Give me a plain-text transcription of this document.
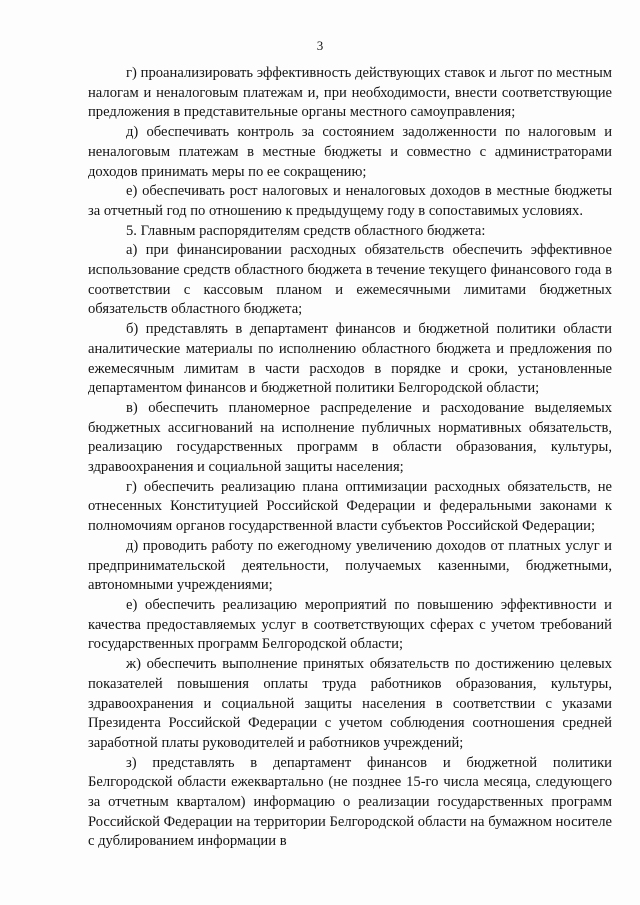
3

г) проанализировать эффективность действующих ставок и льгот по местным налогам и неналоговым платежам и, при необходимости, внести соответствующие предложения в представительные органы местного самоуправления;

д) обеспечивать контроль за состоянием задолженности по налоговым и неналоговым платежам в местные бюджеты и совместно с администраторами доходов принимать меры по ее сокращению;

е) обеспечивать рост налоговых и неналоговых доходов в местные бюджеты за отчетный год по отношению к предыдущему году в сопоставимых условиях.

5. Главным распорядителям средств областного бюджета:

а) при финансировании расходных обязательств обеспечить эффективное использование средств областного бюджета в течение текущего финансового года в соответствии с кассовым планом и ежемесячными лимитами бюджетных обязательств областного бюджета;

б) представлять в департамент финансов и бюджетной политики области аналитические материалы по исполнению областного бюджета и предложения по ежемесячным лимитам в части расходов в порядке и сроки, установленные департаментом финансов и бюджетной политики Белгородской области;

в) обеспечить планомерное распределение и расходование выделяемых бюджетных ассигнований на исполнение публичных нормативных обязательств, реализацию государственных программ в области образования, культуры, здравоохранения и социальной защиты населения;

г) обеспечить реализацию плана оптимизации расходных обязательств, не отнесенных Конституцией Российской Федерации и федеральными законами к полномочиям органов государственной власти субъектов Российской Федерации;

д) проводить работу по ежегодному увеличению доходов от платных услуг и предпринимательской деятельности, получаемых казенными, бюджетными, автономными учреждениями;

е) обеспечить реализацию мероприятий по повышению эффективности и качества предоставляемых услуг в соответствующих сферах с учетом требований государственных программ Белгородской области;

ж) обеспечить выполнение принятых обязательств по достижению целевых показателей повышения оплаты труда работников образования, культуры, здравоохранения и социальной защиты населения в соответствии с указами Президента Российской Федерации с учетом соблюдения соотношения средней заработной платы руководителей и работников учреждений;

з) представлять в департамент финансов и бюджетной политики Белгородской области ежеквартально (не позднее 15-го числа месяца, следующего за отчетным кварталом) информацию о реализации государственных программ Российской Федерации на территории Белгородской области на бумажном носителе с дублированием информации в
